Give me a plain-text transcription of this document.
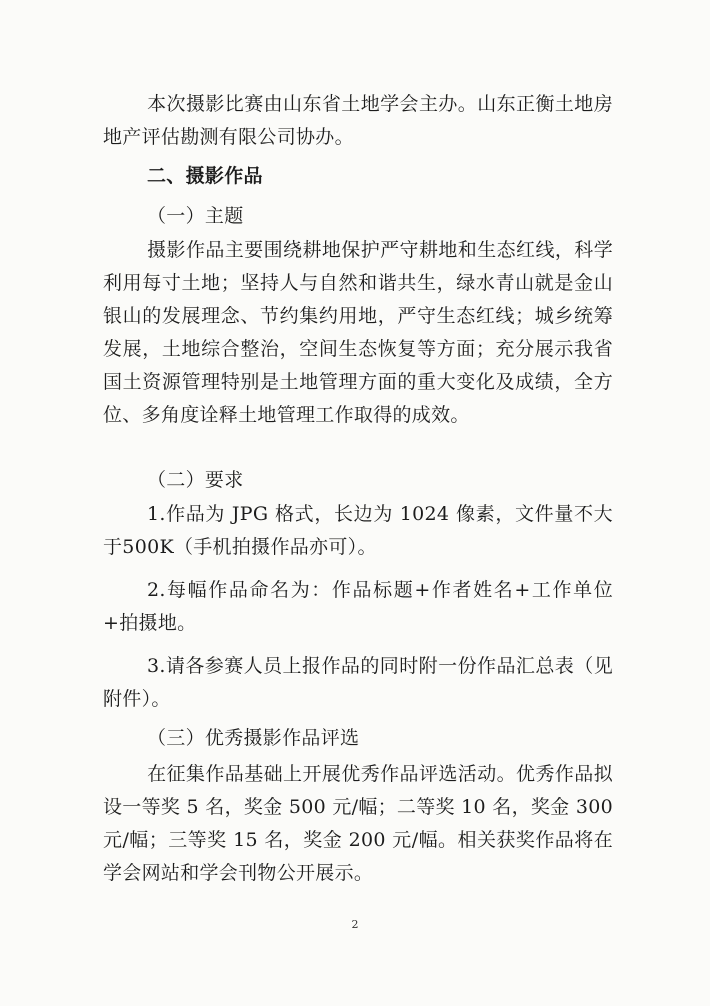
本次摄影比赛由山东省土地学会主办。山东正衡土地房地产评估勘测有限公司协办。

二、摄影作品

（一）主题

摄影作品主要围绕耕地保护严守耕地和生态红线，科学利用每寸土地；坚持人与自然和谐共生，绿水青山就是金山银山的发展理念、节约集约用地，严守生态红线；城乡统筹发展，土地综合整治，空间生态恢复等方面；充分展示我省国土资源管理特别是土地管理方面的重大变化及成绩，全方位、多角度诠释土地管理工作取得的成效。

（二）要求

1.作品为 JPG 格式，长边为 1024 像素，文件量不大于500K（手机拍摄作品亦可）。

2.每幅作品命名为：作品标题+作者姓名+工作单位+拍摄地。

3.请各参赛人员上报作品的同时附一份作品汇总表（见附件）。

（三）优秀摄影作品评选

在征集作品基础上开展优秀作品评选活动。优秀作品拟设一等奖 5 名，奖金 500 元/幅；二等奖 10 名，奖金 300 元/幅；三等奖 15 名，奖金 200 元/幅。相关获奖作品将在学会网站和学会刊物公开展示。

2
